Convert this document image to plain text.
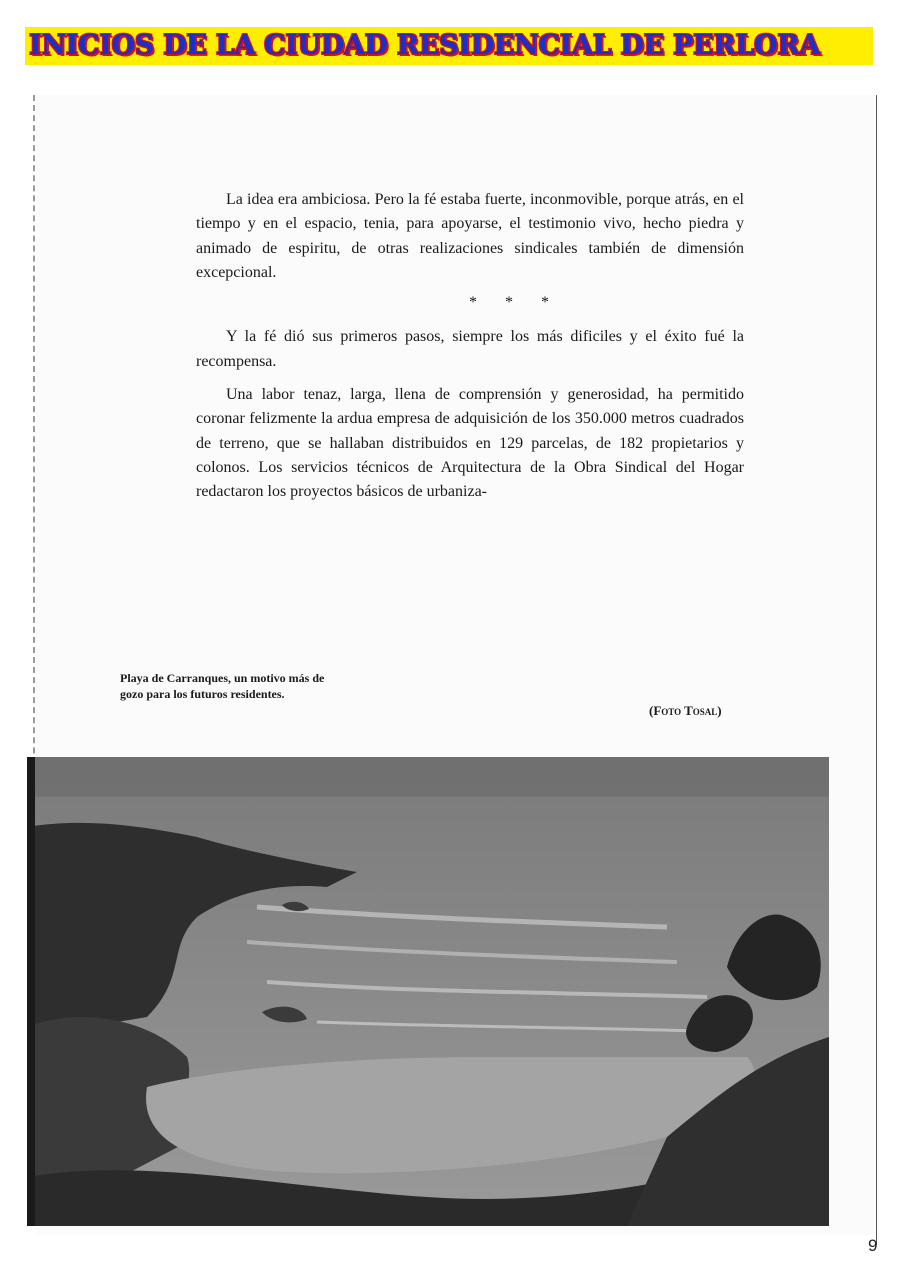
INICIOS DE LA CIUDAD RESIDENCIAL DE PERLORA

La idea era ambiciosa. Pero la fé estaba fuerte, inconmovible, porque atrás, en el tiempo y en el espacio, tenia, para apoyarse, el testimonio vivo, hecho piedra y animado de espiritu, de otras realizaciones sindicales también de dimensión excepcional.

* * *

Y la fé dió sus primeros pasos, siempre los más dificiles y el éxito fué la recompensa.

Una labor tenaz, larga, llena de comprensión y generosidad, ha permitido coronar felizmente la ardua empresa de adquisición de los 350.000 metros cuadrados de terreno, que se hallaban distribuidos en 129 parcelas, de 182 propietarios y colonos. Los servicios técnicos de Arquitectura de la Obra Sindical del Hogar redactaron los proyectos básicos de urbaniza-

Playa de Carranques, un motivo más de
gozo para los futuros residentes.

(Foto Tosal)

9
